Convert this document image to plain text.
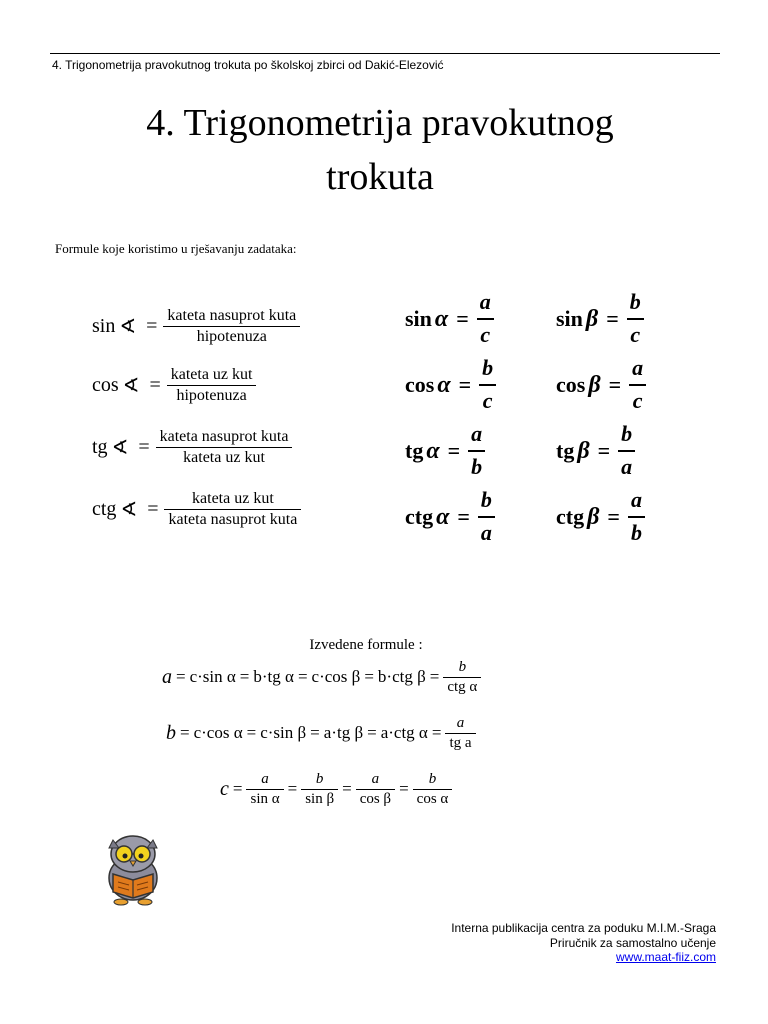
4. Trigonometrija pravokutnog trokuta po školskoj zbirci od Dakić-Elezović
4. Trigonometrija pravokutnog
trokuta
Formule koje koristimo u rješavanju zadataka:
sin ∢ = $\frac{\text{kateta nasuprot kuta}}{\text{hipotenuza}}$
cos ∢ = $\frac{\text{kateta uz kut}}{\text{hipotenuza}}$
tg ∢ = $\frac{\text{kateta nasuprot kuta}}{\text{kateta uz kut}}$
ctg ∢ = $\frac{\text{kateta uz kut}}{\text{kateta nasuprot kuta}}$
$\sin \alpha = \frac{a}{c}$
$\cos \alpha = \frac{b}{c}$
tg $\alpha = \frac{a}{b}$
ctg $\alpha = \frac{b}{a}$
$\sin \beta = \frac{b}{c}$
$\cos \beta = \frac{a}{c}$
tg $\beta = \frac{b}{a}$
ctg $\beta = \frac{a}{b}$
Izvedene formule :
a = c·sin α = b·tg α = c·cos β = b·ctg $\beta = \frac{b}{\text{ctg α}}$
b = c·cos α = c·sin β = a·tg β = a·ctg $\alpha = \frac{a}{\text{tg a}}$
$c = \frac{a}{\text{sin α}} = \frac{b}{\text{sin β}} = \frac{a}{\text{cos β}} = \frac{b}{\text{cos α}}$
Interna publikacija centra za poduku M.I.M.-Sraga
Priručnik za samostalno učenje
www.maat-fiiz.com
